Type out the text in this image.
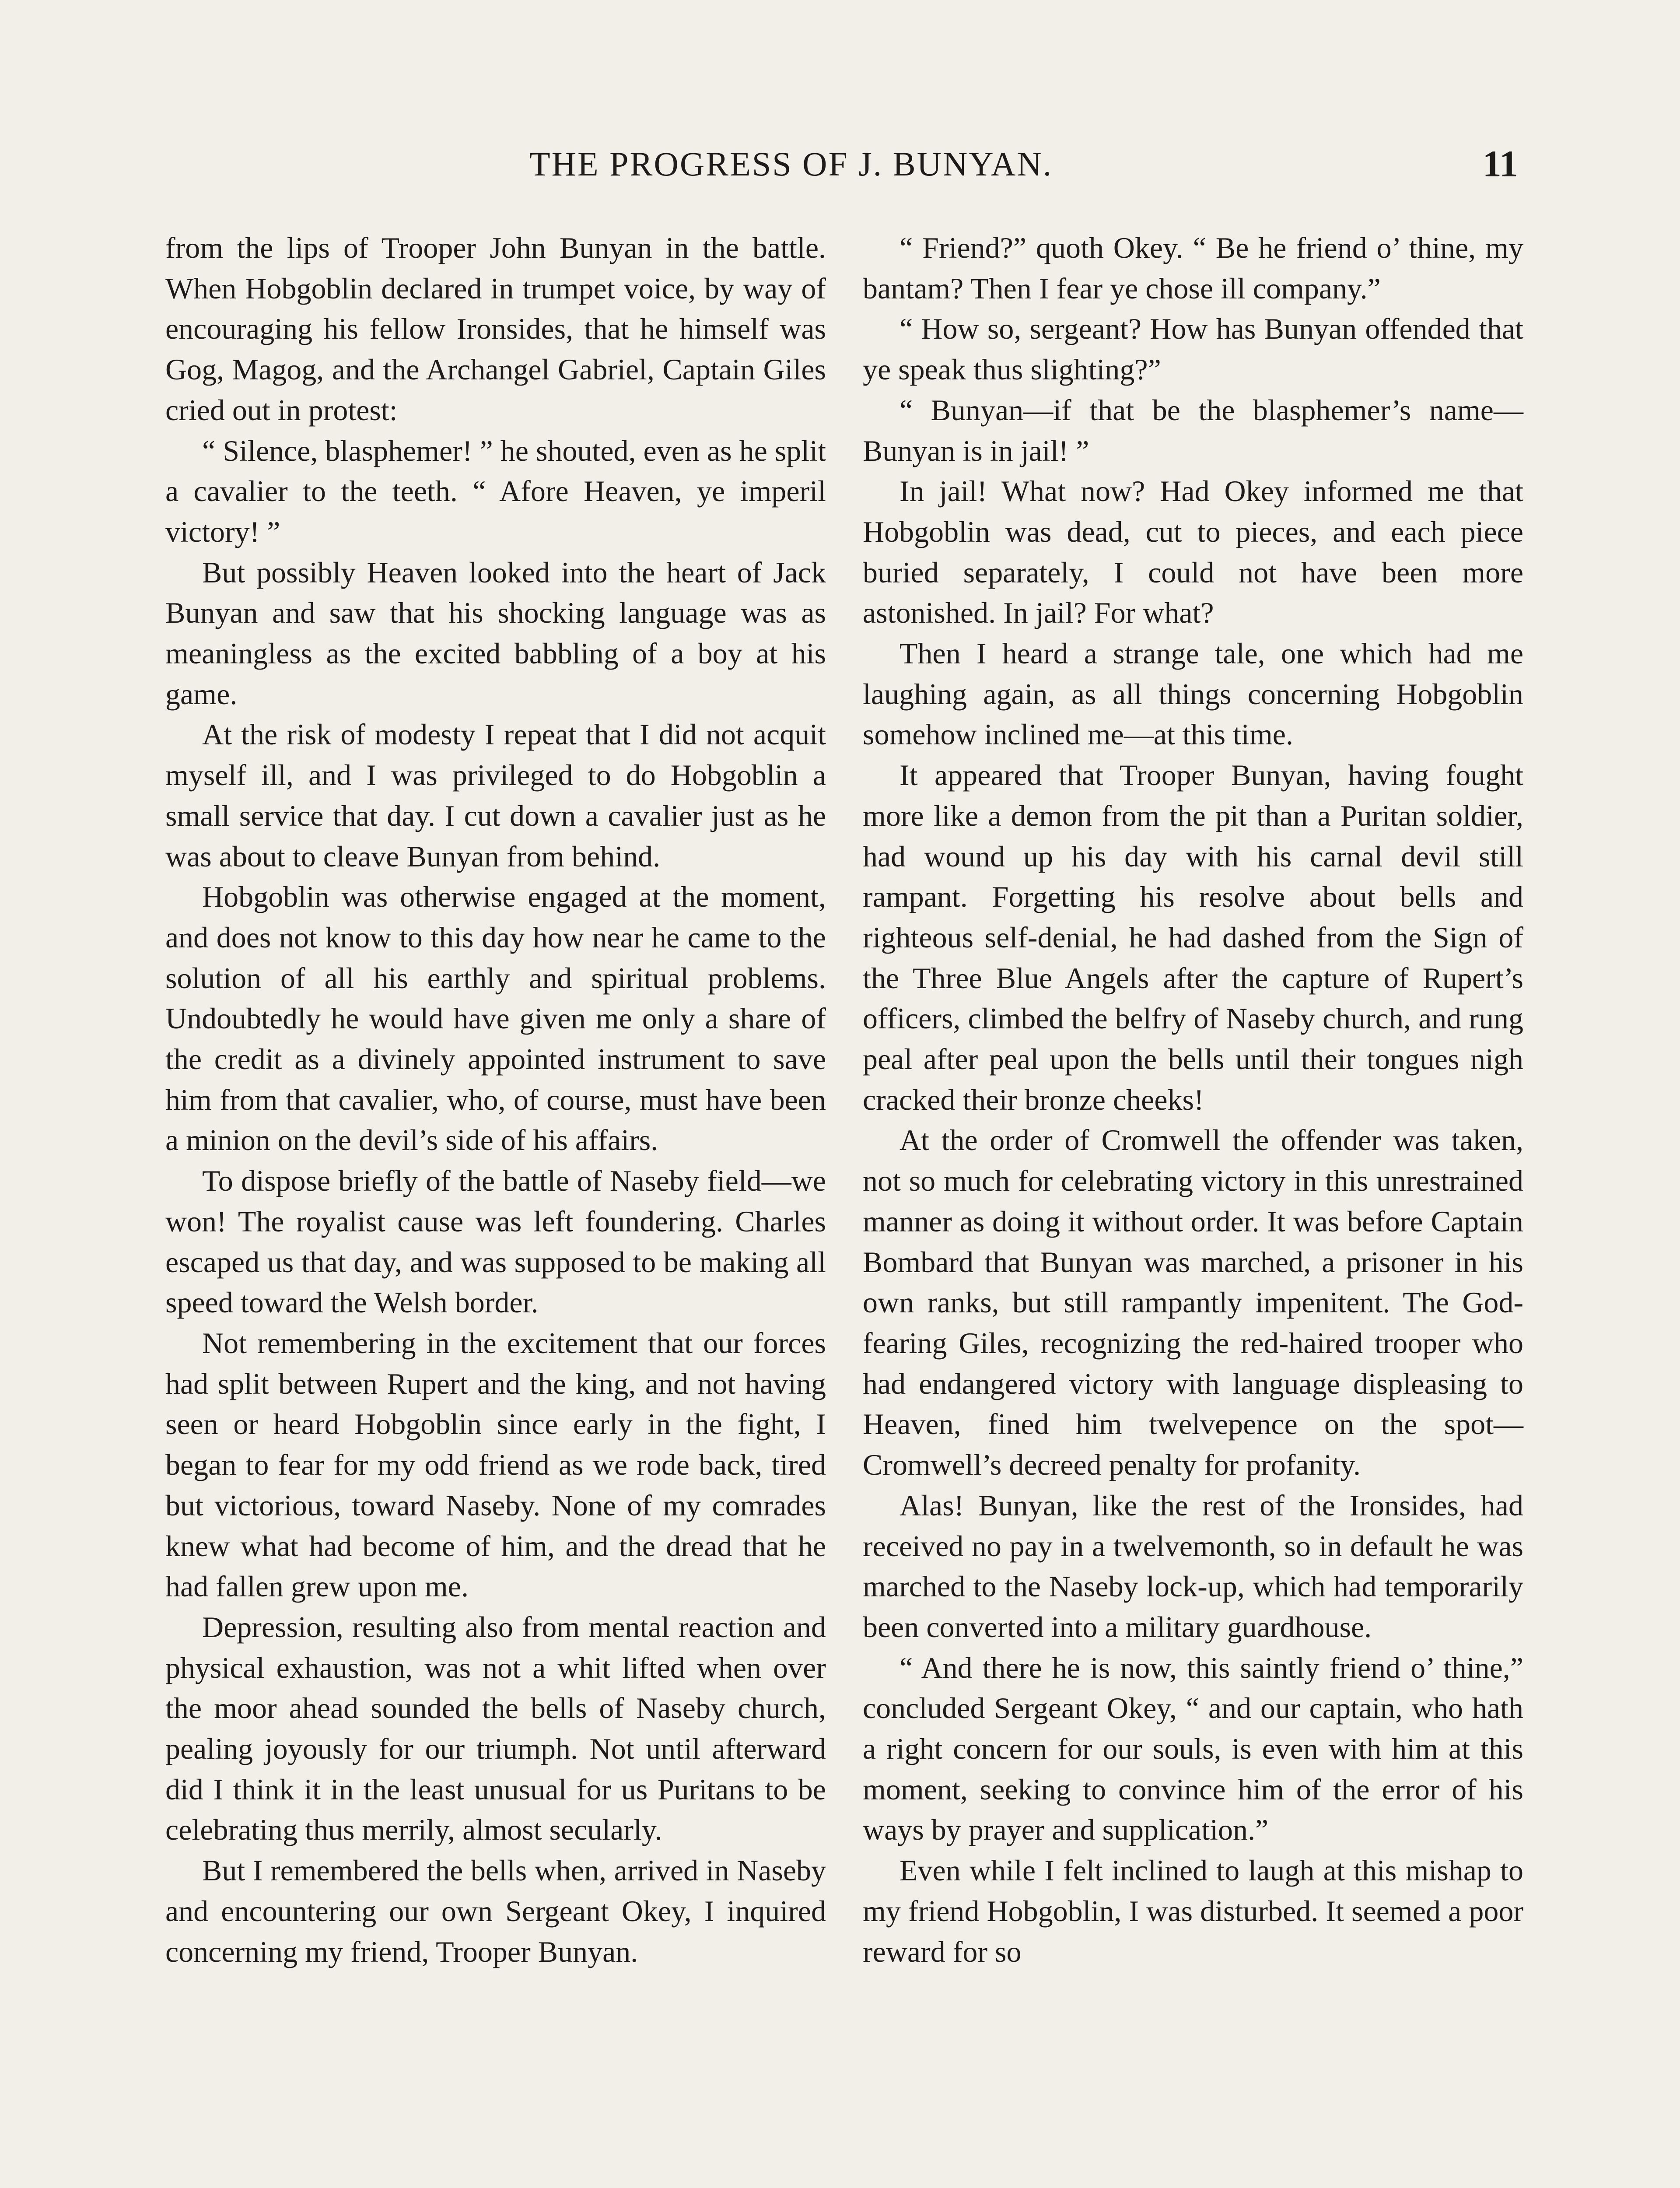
THE PROGRESS OF J. BUNYAN.	11

from the lips of Trooper John Bunyan in the battle. When Hobgoblin declared in trumpet voice, by way of encouraging his fellow Ironsides, that he himself was Gog, Magog, and the Archangel Gabriel, Captain Giles cried out in protest:

“ Silence, blasphemer! ” he shouted, even as he split a cavalier to the teeth. “ Afore Heaven, ye imperil victory! ”

But possibly Heaven looked into the heart of Jack Bunyan and saw that his shocking language was as meaningless as the excited babbling of a boy at his game.

At the risk of modesty I repeat that I did not acquit myself ill, and I was privileged to do Hobgoblin a small service that day. I cut down a cavalier just as he was about to cleave Bunyan from behind.

Hobgoblin was otherwise engaged at the moment, and does not know to this day how near he came to the solution of all his earthly and spiritual problems. Undoubtedly he would have given me only a share of the credit as a divinely appointed instrument to save him from that cavalier, who, of course, must have been a minion on the devil’s side of his affairs.

To dispose briefly of the battle of Naseby field—we won! The royalist cause was left foundering. Charles escaped us that day, and was supposed to be making all speed toward the Welsh border.

Not remembering in the excitement that our forces had split between Rupert and the king, and not having seen or heard Hobgoblin since early in the fight, I began to fear for my odd friend as we rode back, tired but victorious, toward Naseby. None of my comrades knew what had become of him, and the dread that he had fallen grew upon me.

Depression, resulting also from mental reaction and physical exhaustion, was not a whit lifted when over the moor ahead sounded the bells of Naseby church, pealing joyously for our triumph. Not until afterward did I think it in the least unusual for us Puritans to be celebrating thus merrily, almost secularly.

But I remembered the bells when, arrived in Naseby and encountering our own Sergeant Okey, I inquired concerning my friend, Trooper Bunyan.

“ Friend?” quoth Okey. “ Be he friend o’ thine, my bantam? Then I fear ye chose ill company.”

“ How so, sergeant? How has Bunyan offended that ye speak thus slighting?”

“ Bunyan—if that be the blasphemer’s name—Bunyan is in jail! ”

In jail! What now? Had Okey informed me that Hobgoblin was dead, cut to pieces, and each piece buried separately, I could not have been more astonished. In jail? For what?

Then I heard a strange tale, one which had me laughing again, as all things concerning Hobgoblin somehow inclined me—at this time.

It appeared that Trooper Bunyan, having fought more like a demon from the pit than a Puritan soldier, had wound up his day with his carnal devil still rampant. Forgetting his resolve about bells and righteous self-denial, he had dashed from the Sign of the Three Blue Angels after the capture of Rupert’s officers, climbed the belfry of Naseby church, and rung peal after peal upon the bells until their tongues nigh cracked their bronze cheeks!

At the order of Cromwell the offender was taken, not so much for celebrating victory in this unrestrained manner as doing it without order. It was before Captain Bombard that Bunyan was marched, a prisoner in his own ranks, but still rampantly impenitent. The God-fearing Giles, recognizing the red-haired trooper who had endangered victory with language displeasing to Heaven, fined him twelvepence on the spot—Cromwell’s decreed penalty for profanity.

Alas! Bunyan, like the rest of the Ironsides, had received no pay in a twelvemonth, so in default he was marched to the Naseby lock-up, which had temporarily been converted into a military guardhouse.

“ And there he is now, this saintly friend o’ thine,” concluded Sergeant Okey, “ and our captain, who hath a right concern for our souls, is even with him at this moment, seeking to convince him of the error of his ways by prayer and supplication.”

Even while I felt inclined to laugh at this mishap to my friend Hobgoblin, I was disturbed. It seemed a poor reward for so
